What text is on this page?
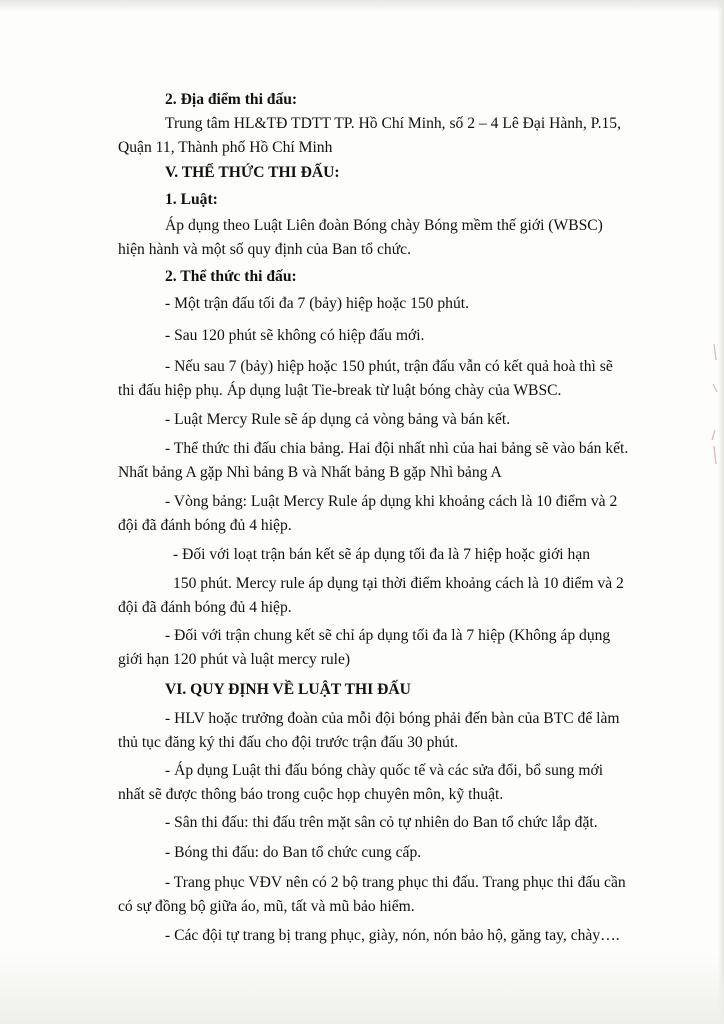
2. Địa điểm thi đấu:
Trung tâm HL&TĐ TDTT TP. Hồ Chí Minh, số 2 – 4 Lê Đại Hành, P.15,
Quận 11, Thành phố Hồ Chí Minh
V. THỂ THỨC THI ĐẤU:
1. Luật:
Áp dụng theo Luật Liên đoàn Bóng chày Bóng mềm thế giới (WBSC)
hiện hành và một số quy định của Ban tổ chức.
2. Thể thức thi đấu:
- Một trận đấu tối đa 7 (bảy) hiệp hoặc 150 phút.
- Sau 120 phút sẽ không có hiệp đấu mới.
- Nếu sau 7 (bảy) hiệp hoặc 150 phút, trận đấu vẫn có kết quả hoà thì sẽ
thi đấu hiệp phụ. Áp dụng luật Tie-break từ luật bóng chày của WBSC.
- Luật Mercy Rule sẽ áp dụng cả vòng bảng và bán kết.
- Thể thức thi đấu chia bảng. Hai đội nhất nhì của hai bảng sẽ vào bán kết.
Nhất bảng A gặp Nhì bảng B và Nhất bảng B gặp Nhì bảng A
- Vòng bảng: Luật Mercy Rule áp dụng khi khoảng cách là 10 điểm và 2
đội đã đánh bóng đủ 4 hiệp.
- Đối với loạt trận bán kết sẽ áp dụng tối đa là 7 hiệp hoặc giới hạn
150 phút. Mercy rule áp dụng tại thời điểm khoảng cách là 10 điểm và 2
đội đã đánh bóng đủ 4 hiệp.
- Đối với trận chung kết sẽ chỉ áp dụng tối đa là 7 hiệp (Không áp dụng
giới hạn 120 phút và luật mercy rule)
VI. QUY ĐỊNH VỀ LUẬT THI ĐẤU
- HLV hoặc trưởng đoàn của mỗi đội bóng phải đến bàn của BTC để làm
thủ tục đăng ký thi đấu cho đội trước trận đấu 30 phút.
- Áp dụng Luật thi đấu bóng chày quốc tế và các sửa đổi, bổ sung mới
nhất sẽ được thông báo trong cuộc họp chuyên môn, kỹ thuật.
- Sân thi đấu: thi đấu trên mặt sân cỏ tự nhiên do Ban tổ chức lắp đặt.
- Bóng thi đấu: do Ban tổ chức cung cấp.
- Trang phục VĐV nên có 2 bộ trang phục thi đấu. Trang phục thi đấu cần
có sự đồng bộ giữa áo, mũ, tất và mũ bảo hiểm.
- Các đội tự trang bị trang phục, giày, nón, nón bảo hộ, găng tay, chày….
